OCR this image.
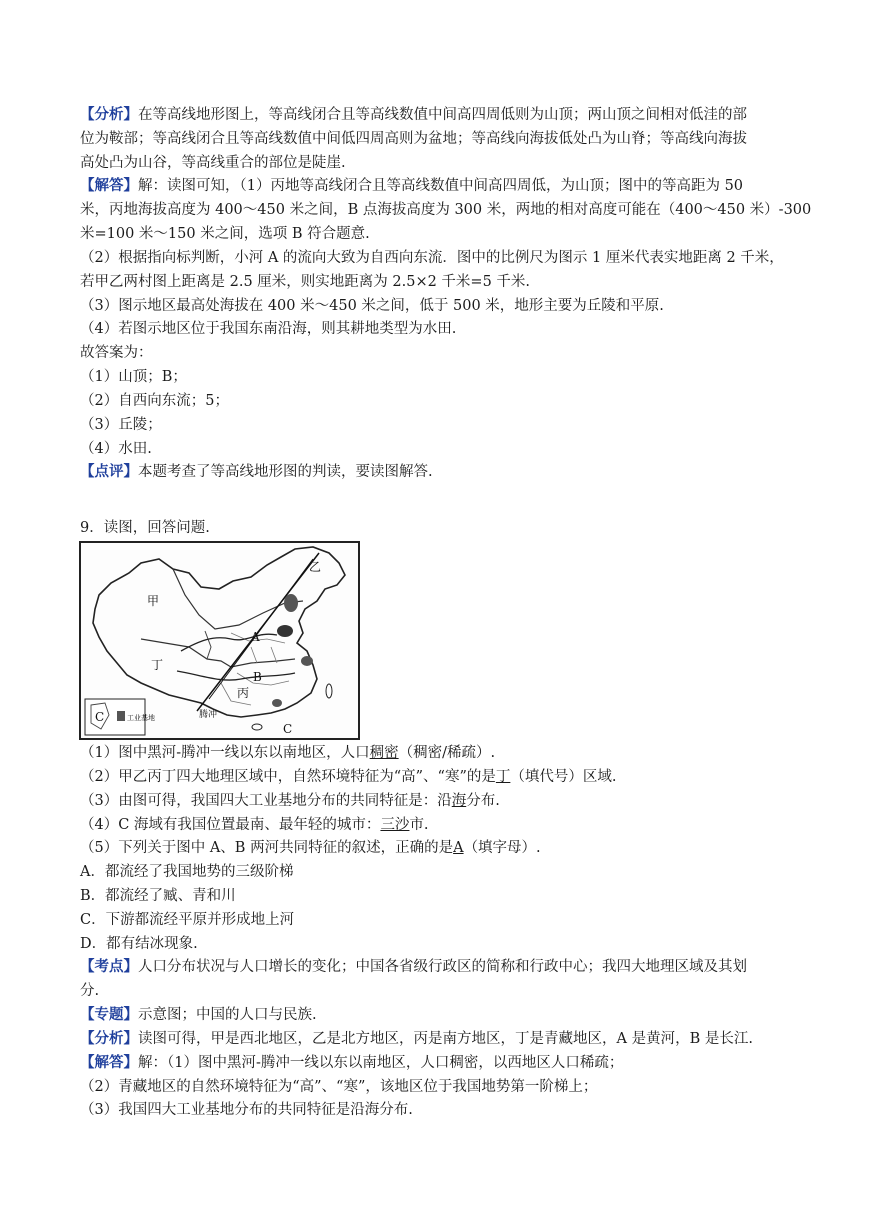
【分析】在等高线地形图上，等高线闭合且等高线数值中间高四周低则为山顶；两山顶之间相对低洼的部
位为鞍部；等高线闭合且等高线数值中间低四周高则为盆地；等高线向海拔低处凸为山脊；等高线向海拔
高处凸为山谷，等高线重合的部位是陡崖.
【解答】解：读图可知，（1）丙地等高线闭合且等高线数值中间高四周低，为山顶；图中的等高距为 50
米，丙地海拔高度为 400～450 米之间，B 点海拔高度为 300 米，两地的相对高度可能在（400～450 米）-300
米=100 米～150 米之间，选项 B 符合题意.
（2）根据指向标判断，小河 A 的流向大致为自西向东流．图中的比例尺为图示 1 厘米代表实地距离 2 千米，
若甲乙两村图上距离是 2.5 厘米，则实地距离为 2.5×2 千米=5 千米.
（3）图示地区最高处海拔在 400 米～450 米之间，低于 500 米，地形主要为丘陵和平原.
（4）若图示地区位于我国东南沿海，则其耕地类型为水田.
故答案为：
（1）山顶；B；
（2）自西向东流；5；
（3）丘陵；
（4）水田.
【点评】本题考查了等高线地形图的判读，要读图解答.
9．读图，回答问题.
甲
乙
丙
丁
A
B
C
C
腾冲
工业基地
（1）图中黑河-腾冲一线以东以南地区，人口稠密（稠密/稀疏）.
（2）甲乙丙丁四大地理区域中，自然环境特征为“高”、“寒”的是丁（填代号）区域.
（3）由图可得，我国四大工业基地分布的共同特征是：沿海分布.
（4）C 海域有我国位置最南、最年轻的城市：三沙市.
（5）下列关于图中 A、B 两河共同特征的叙述，正确的是A（填字母）.
A．都流经了我国地势的三级阶梯
B．都流经了臧、青和川
C．下游都流经平原并形成地上河
D．都有结冰现象.
【考点】人口分布状况与人口增长的变化；中国各省级行政区的简称和行政中心；我四大地理区域及其划
分.
【专题】示意图；中国的人口与民族.
【分析】读图可得，甲是西北地区，乙是北方地区，丙是南方地区，丁是青藏地区，A 是黄河，B 是长江.
【解答】解：（1）图中黑河-腾冲一线以东以南地区，人口稠密，以西地区人口稀疏；
（2）青藏地区的自然环境特征为“高”、“寒”，该地区位于我国地势第一阶梯上；
（3）我国四大工业基地分布的共同特征是沿海分布.
